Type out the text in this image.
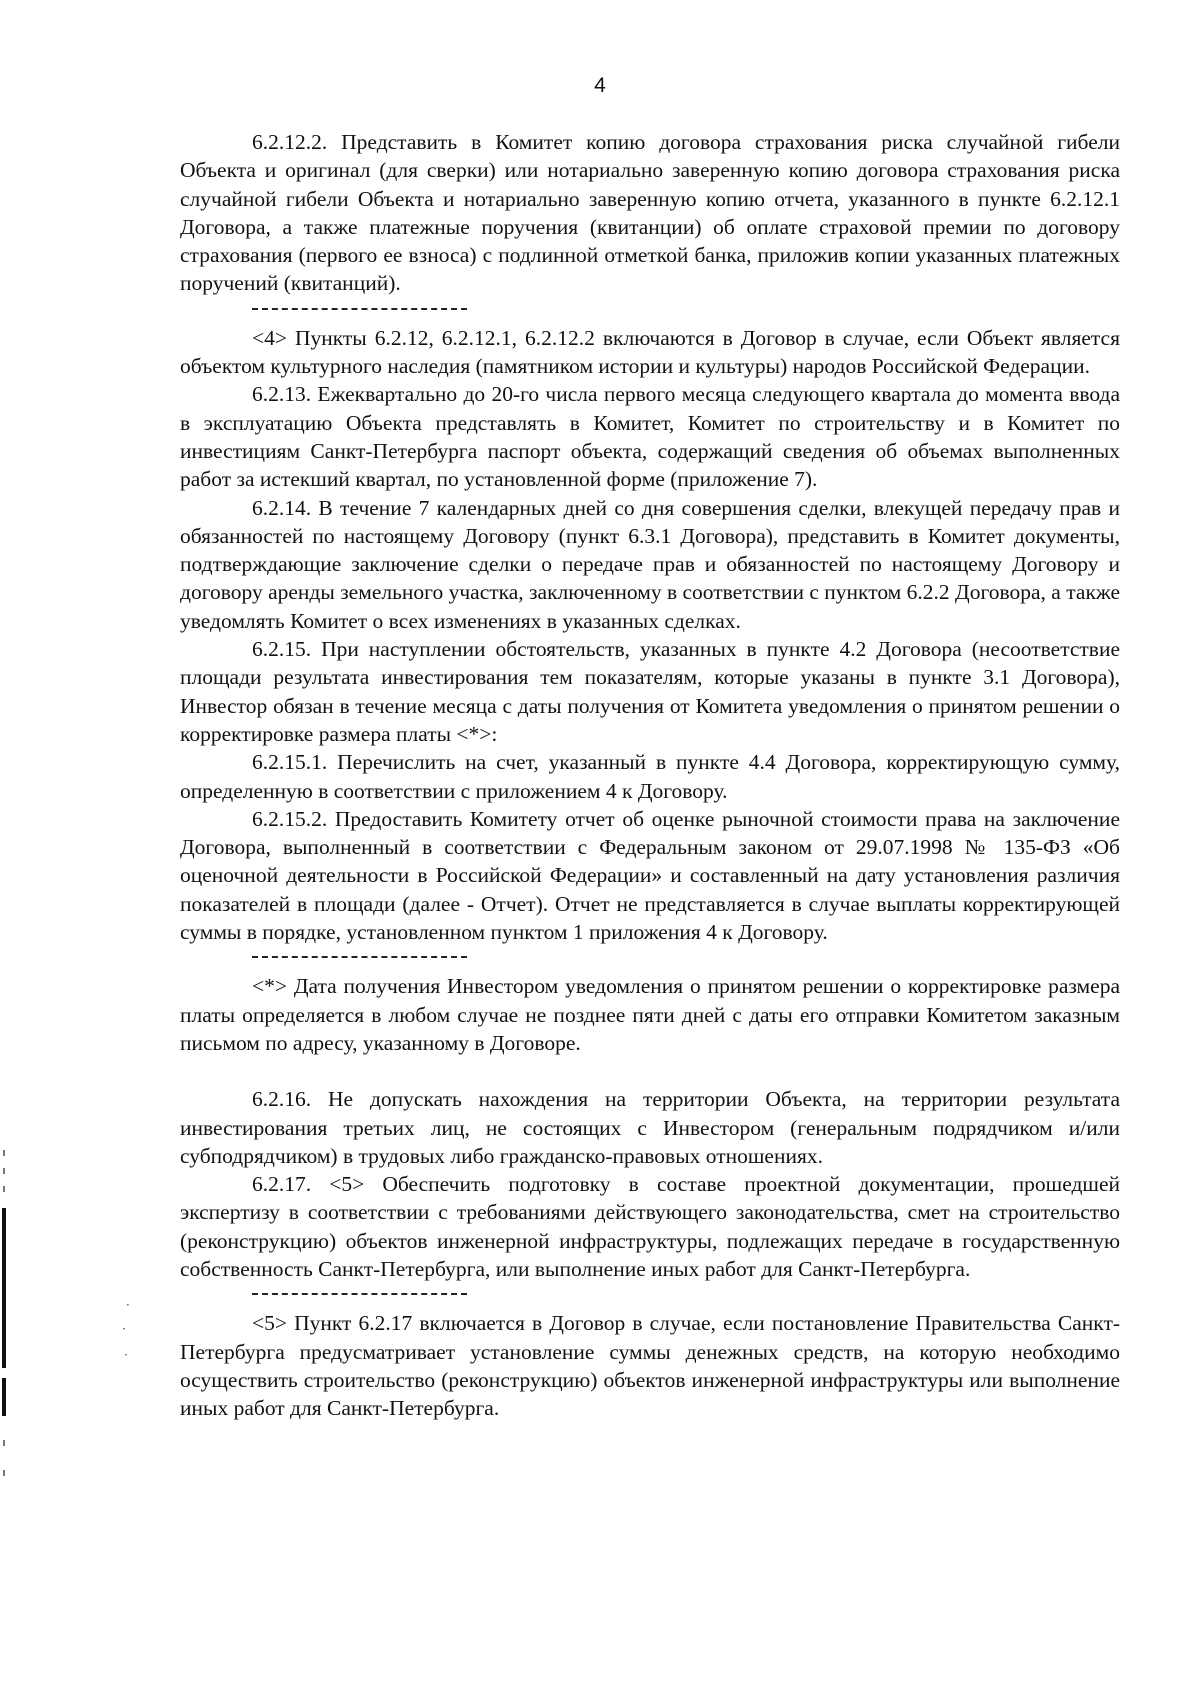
4

6.2.12.2. Представить в Комитет копию договора страхования риска случайной гибели Объекта и оригинал (для сверки) или нотариально заверенную копию договора страхования риска случайной гибели Объекта и нотариально заверенную копию отчета, указанного в пункте 6.2.12.1 Договора, а также платежные поручения (квитанции) об оплате страховой премии по договору страхования (первого ее взноса) с подлинной отметкой банка, приложив копии указанных платежных поручений (квитанций).

<4> Пункты 6.2.12, 6.2.12.1, 6.2.12.2 включаются в Договор в случае, если Объект является объектом культурного наследия (памятником истории и культуры) народов Российской Федерации.

6.2.13. Ежеквартально до 20-го числа первого месяца следующего квартала до момента ввода в эксплуатацию Объекта представлять в Комитет, Комитет по строительству и в Комитет по инвестициям Санкт-Петербурга паспорт объекта, содержащий сведения об объемах выполненных работ за истекший квартал, по установленной форме (приложение 7).

6.2.14. В течение 7 календарных дней со дня совершения сделки, влекущей передачу прав и обязанностей по настоящему Договору (пункт 6.3.1 Договора), представить в Комитет документы, подтверждающие заключение сделки о передаче прав и обязанностей по настоящему Договору и договору аренды земельного участка, заключенному в соответствии с пунктом 6.2.2 Договора, а также уведомлять Комитет о всех изменениях в указанных сделках.

6.2.15. При наступлении обстоятельств, указанных в пункте 4.2 Договора (несоответствие площади результата инвестирования тем показателям, которые указаны в пункте 3.1 Договора), Инвестор обязан в течение месяца с даты получения от Комитета уведомления о принятом решении о корректировке размера платы <*>:

6.2.15.1. Перечислить на счет, указанный в пункте 4.4 Договора, корректирующую сумму, определенную в соответствии с приложением 4 к Договору.

6.2.15.2. Предоставить Комитету отчет об оценке рыночной стоимости права на заключение Договора, выполненный в соответствии с Федеральным законом от 29.07.1998 № 135-ФЗ «Об оценочной деятельности в Российской Федерации» и составленный на дату установления различия показателей в площади (далее - Отчет). Отчет не представляется в случае выплаты корректирующей суммы в порядке, установленном пунктом 1 приложения 4 к Договору.

<*> Дата получения Инвестором уведомления о принятом решении о корректировке размера платы определяется в любом случае не позднее пяти дней с даты его отправки Комитетом заказным письмом по адресу, указанному в Договоре.

6.2.16. Не допускать нахождения на территории Объекта, на территории результата инвестирования третьих лиц, не состоящих с Инвестором (генеральным подрядчиком и/или субподрядчиком) в трудовых либо гражданско-правовых отношениях.

6.2.17. <5> Обеспечить подготовку в составе проектной документации, прошедшей экспертизу в соответствии с требованиями действующего законодательства, смет на строительство (реконструкцию) объектов инженерной инфраструктуры, подлежащих передаче в государственную собственность Санкт-Петербурга, или выполнение иных работ для Санкт-Петербурга.

<5> Пункт 6.2.17 включается в Договор в случае, если постановление Правительства Санкт-Петербурга предусматривает установление суммы денежных средств, на которую необходимо осуществить строительство (реконструкцию) объектов инженерной инфраструктуры или выполнение иных работ для Санкт-Петербурга.

·
·
·
